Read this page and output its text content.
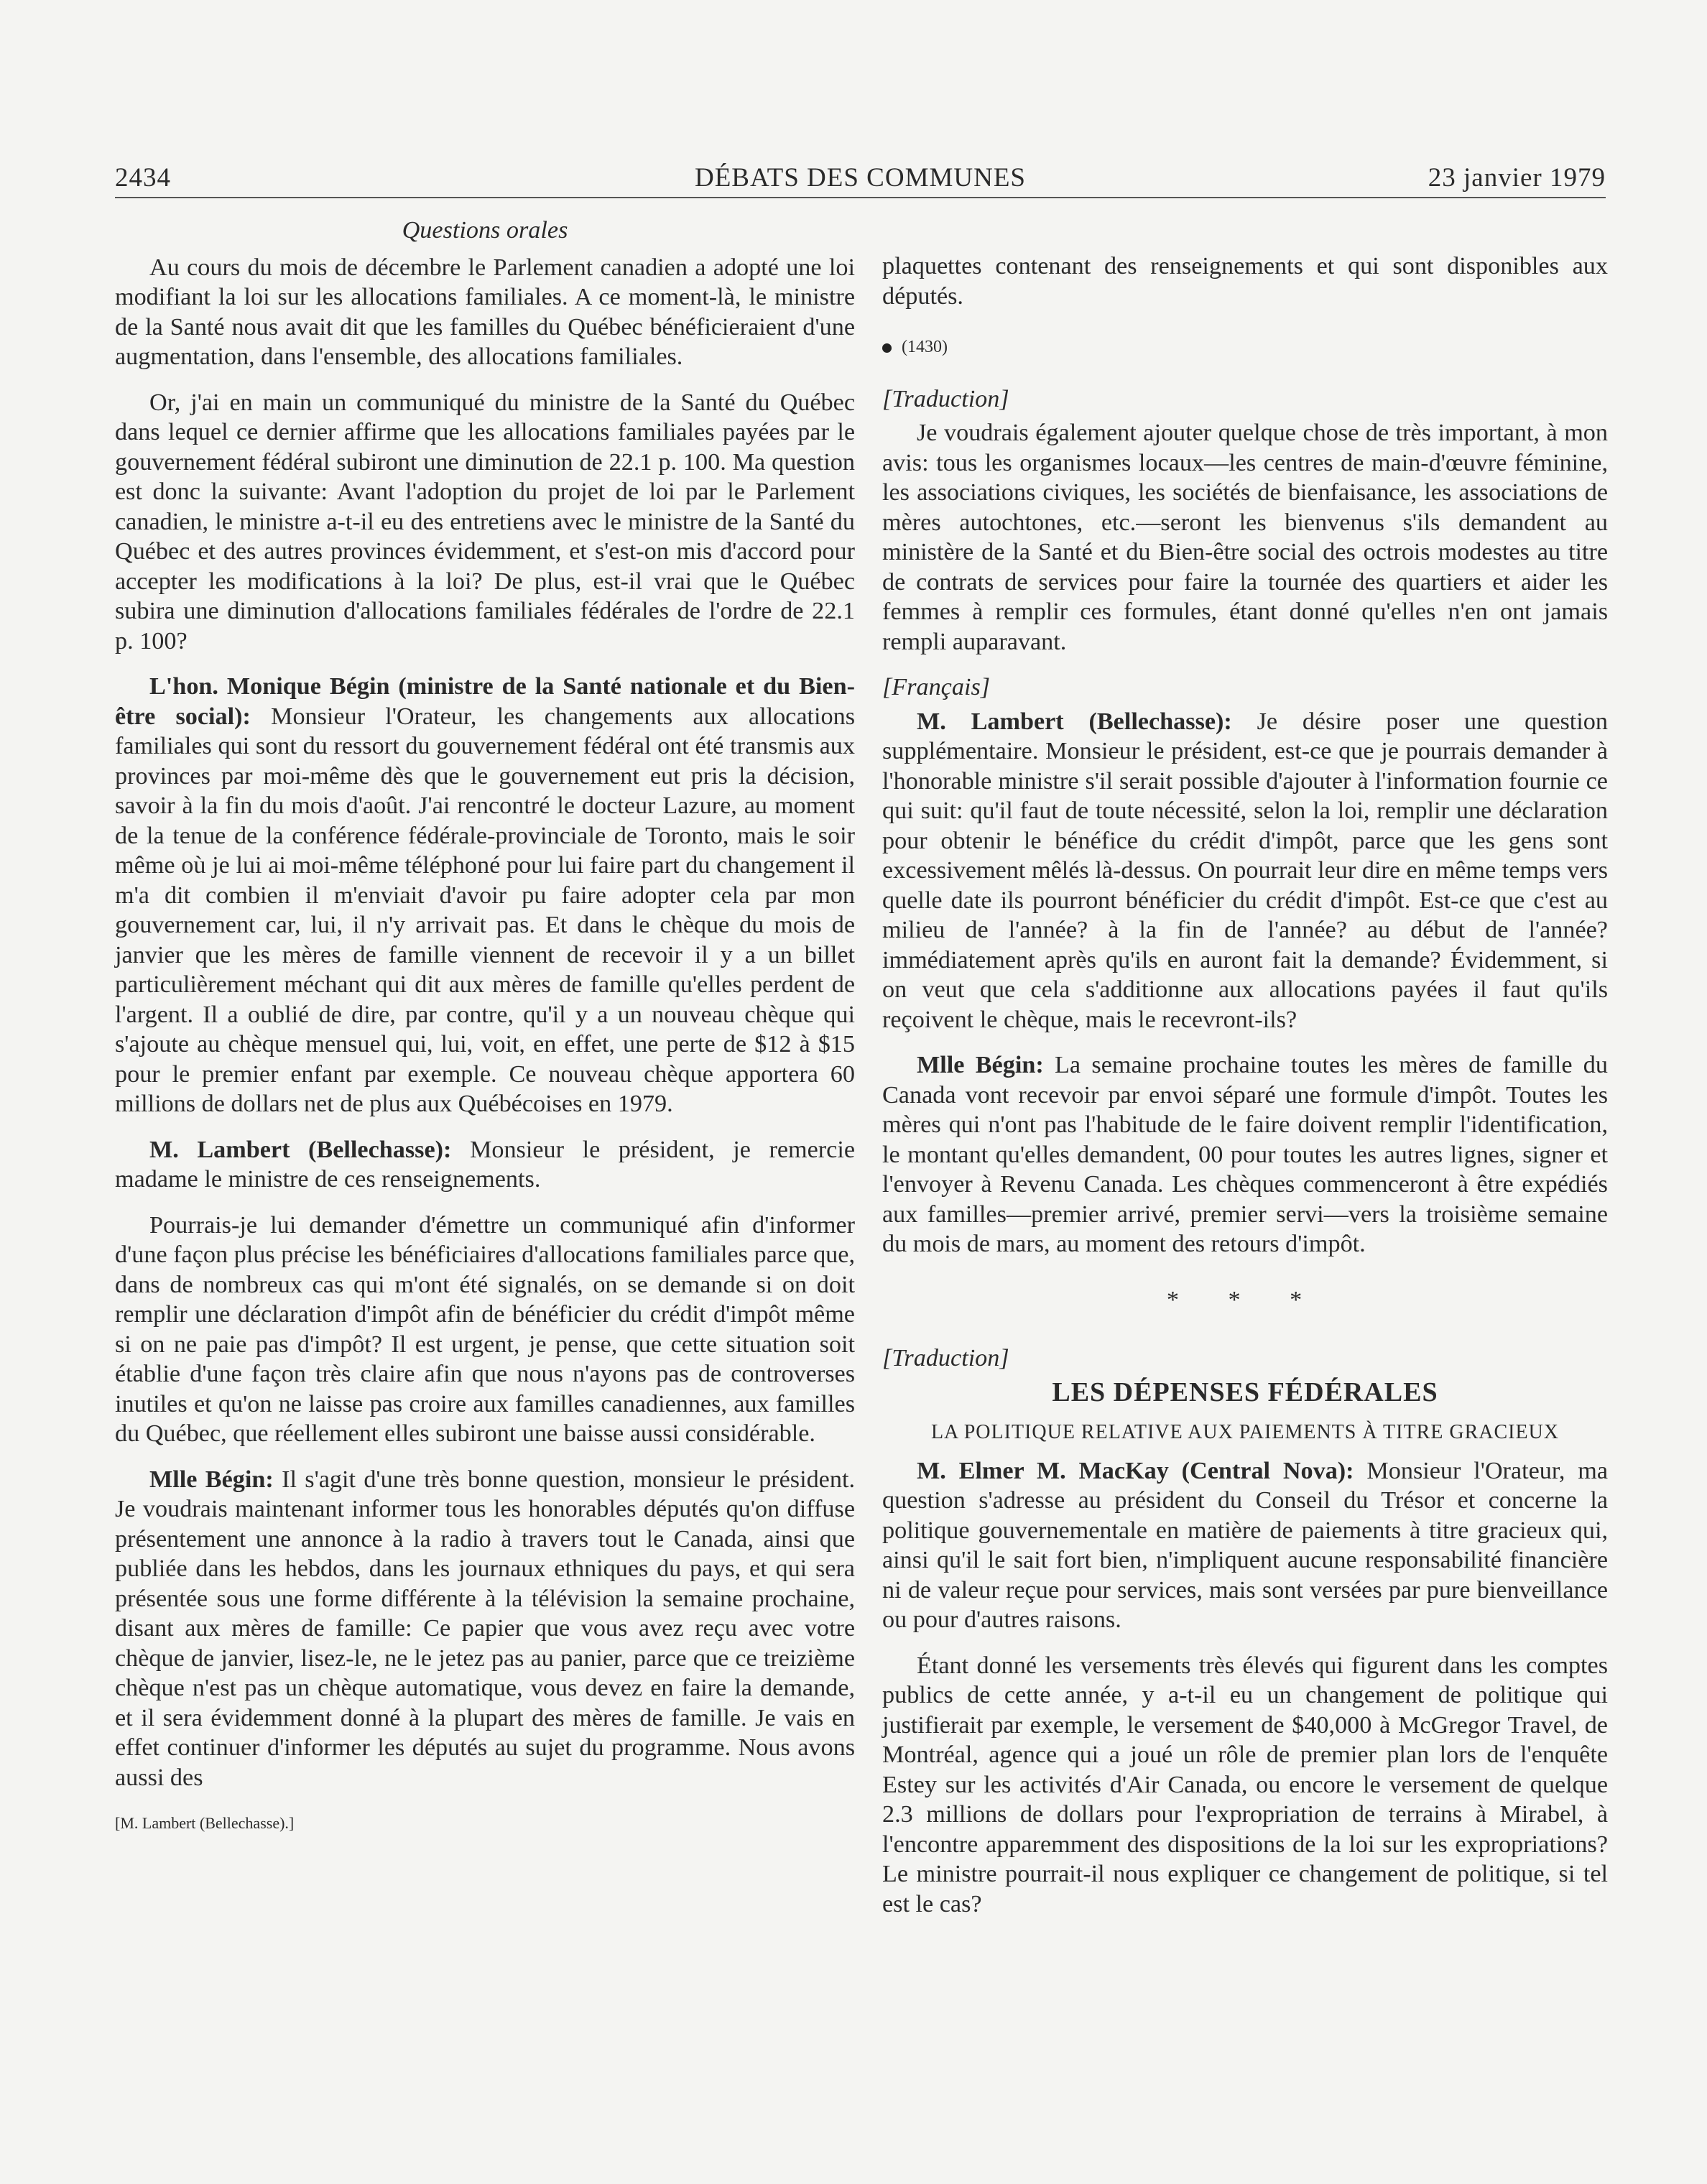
2434	DÉBATS DES COMMUNES	23 janvier 1979

Questions orales

Au cours du mois de décembre le Parlement canadien a adopté une loi modifiant la loi sur les allocations familiales. A ce moment-là, le ministre de la Santé nous avait dit que les familles du Québec bénéficieraient d'une augmentation, dans l'ensemble, des allocations familiales.

Or, j'ai en main un communiqué du ministre de la Santé du Québec dans lequel ce dernier affirme que les allocations familiales payées par le gouvernement fédéral subiront une diminution de 22.1 p. 100. Ma question est donc la suivante: Avant l'adoption du projet de loi par le Parlement canadien, le ministre a-t-il eu des entretiens avec le ministre de la Santé du Québec et des autres provinces évidemment, et s'est-on mis d'accord pour accepter les modifications à la loi? De plus, est-il vrai que le Québec subira une diminution d'allocations familiales fédérales de l'ordre de 22.1 p. 100?

L'hon. Monique Bégin (ministre de la Santé nationale et du Bien-être social): Monsieur l'Orateur, les changements aux allocations familiales qui sont du ressort du gouvernement fédéral ont été transmis aux provinces par moi-même dès que le gouvernement eut pris la décision, savoir à la fin du mois d'août. J'ai rencontré le docteur Lazure, au moment de la tenue de la conférence fédérale-provinciale de Toronto, mais le soir même où je lui ai moi-même téléphoné pour lui faire part du changement il m'a dit combien il m'enviait d'avoir pu faire adopter cela par mon gouvernement car, lui, il n'y arrivait pas. Et dans le chèque du mois de janvier que les mères de famille viennent de recevoir il y a un billet particulièrement méchant qui dit aux mères de famille qu'elles perdent de l'argent. Il a oublié de dire, par contre, qu'il y a un nouveau chèque qui s'ajoute au chèque mensuel qui, lui, voit, en effet, une perte de $12 à $15 pour le premier enfant par exemple. Ce nouveau chèque apportera 60 millions de dollars net de plus aux Québécoises en 1979.

M. Lambert (Bellechasse): Monsieur le président, je remercie madame le ministre de ces renseignements.

Pourrais-je lui demander d'émettre un communiqué afin d'informer d'une façon plus précise les bénéficiaires d'allocations familiales parce que, dans de nombreux cas qui m'ont été signalés, on se demande si on doit remplir une déclaration d'impôt afin de bénéficier du crédit d'impôt même si on ne paie pas d'impôt? Il est urgent, je pense, que cette situation soit établie d'une façon très claire afin que nous n'ayons pas de controverses inutiles et qu'on ne laisse pas croire aux familles canadiennes, aux familles du Québec, que réellement elles subiront une baisse aussi considérable.

Mlle Bégin: Il s'agit d'une très bonne question, monsieur le président. Je voudrais maintenant informer tous les honorables députés qu'on diffuse présentement une annonce à la radio à travers tout le Canada, ainsi que publiée dans les hebdos, dans les journaux ethniques du pays, et qui sera présentée sous une forme différente à la télévision la semaine prochaine, disant aux mères de famille: Ce papier que vous avez reçu avec votre chèque de janvier, lisez-le, ne le jetez pas au panier, parce que ce treizième chèque n'est pas un chèque automatique, vous devez en faire la demande, et il sera évidemment donné à la plupart des mères de famille. Je vais en effet continuer d'informer les députés au sujet du programme. Nous avons aussi des

[M. Lambert (Bellechasse).]

plaquettes contenant des renseignements et qui sont disponibles aux députés.

(1430)

[Traduction]

Je voudrais également ajouter quelque chose de très important, à mon avis: tous les organismes locaux—les centres de main-d'œuvre féminine, les associations civiques, les sociétés de bienfaisance, les associations de mères autochtones, etc.—seront les bienvenus s'ils demandent au ministère de la Santé et du Bien-être social des octrois modestes au titre de contrats de services pour faire la tournée des quartiers et aider les femmes à remplir ces formules, étant donné qu'elles n'en ont jamais rempli auparavant.

[Français]

M. Lambert (Bellechasse): Je désire poser une question supplémentaire. Monsieur le président, est-ce que je pourrais demander à l'honorable ministre s'il serait possible d'ajouter à l'information fournie ce qui suit: qu'il faut de toute nécessité, selon la loi, remplir une déclaration pour obtenir le bénéfice du crédit d'impôt, parce que les gens sont excessivement mêlés là-dessus. On pourrait leur dire en même temps vers quelle date ils pourront bénéficier du crédit d'impôt. Est-ce que c'est au milieu de l'année? à la fin de l'année? au début de l'année? immédiatement après qu'ils en auront fait la demande? Évidemment, si on veut que cela s'additionne aux allocations payées il faut qu'ils reçoivent le chèque, mais le recevront-ils?

Mlle Bégin: La semaine prochaine toutes les mères de famille du Canada vont recevoir par envoi séparé une formule d'impôt. Toutes les mères qui n'ont pas l'habitude de le faire doivent remplir l'identification, le montant qu'elles demandent, 00 pour toutes les autres lignes, signer et l'envoyer à Revenu Canada. Les chèques commenceront à être expédiés aux familles—premier arrivé, premier servi—vers la troisième semaine du mois de mars, au moment des retours d'impôt.

* * *

[Traduction]

LES DÉPENSES FÉDÉRALES

LA POLITIQUE RELATIVE AUX PAIEMENTS À TITRE GRACIEUX

M. Elmer M. MacKay (Central Nova): Monsieur l'Orateur, ma question s'adresse au président du Conseil du Trésor et concerne la politique gouvernementale en matière de paiements à titre gracieux qui, ainsi qu'il le sait fort bien, n'impliquent aucune responsabilité financière ni de valeur reçue pour services, mais sont versées par pure bienveillance ou pour d'autres raisons.

Étant donné les versements très élevés qui figurent dans les comptes publics de cette année, y a-t-il eu un changement de politique qui justifierait par exemple, le versement de $40,000 à McGregor Travel, de Montréal, agence qui a joué un rôle de premier plan lors de l'enquête Estey sur les activités d'Air Canada, ou encore le versement de quelque 2.3 millions de dollars pour l'expropriation de terrains à Mirabel, à l'encontre apparemment des dispositions de la loi sur les expropriations? Le ministre pourrait-il nous expliquer ce changement de politique, si tel est le cas?
